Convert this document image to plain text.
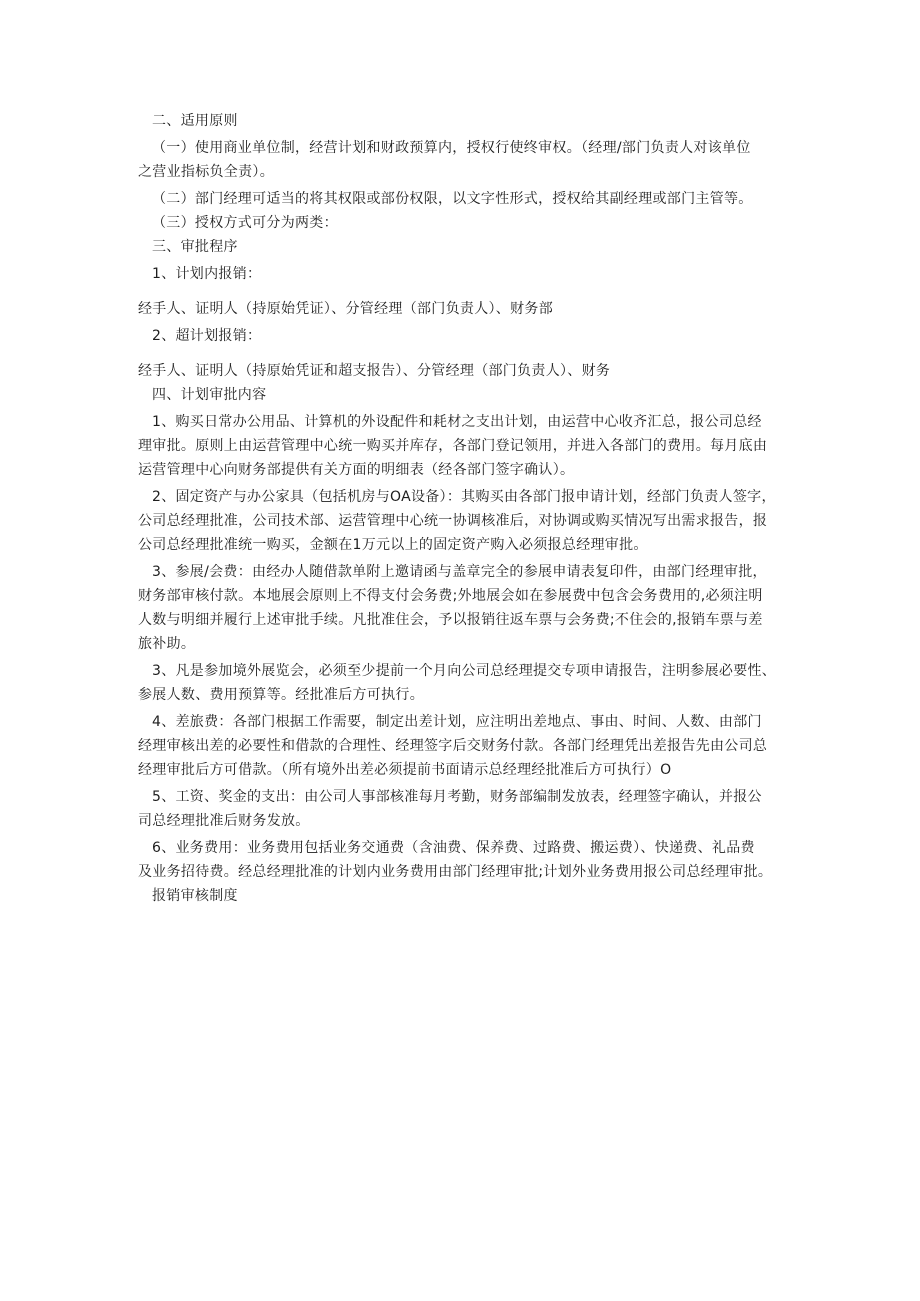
二、适用原则
（一）使用商业单位制，经营计划和财政预算内，授权行使终审权。（经理/部门负责人对该单位
之营业指标负全责）。
（二）部门经理可适当的将其权限或部份权限，以文字性形式，授权给其副经理或部门主管等。
（三）授权方式可分为两类：
三、审批程序
1、计划内报销：
经手人、证明人（持原始凭证）、分管经理（部门负责人）、财务部
2、超计划报销：
经手人、证明人（持原始凭证和超支报告）、分管经理（部门负责人）、财务
四、计划审批内容
1、购买日常办公用品、计算机的外设配件和耗材之支出计划，由运营中心收齐汇总，报公司总经
理审批。原则上由运营管理中心统一购买并库存，各部门登记领用，并进入各部门的费用。每月底由
运营管理中心向财务部提供有关方面的明细表（经各部门签字确认）。
2、固定资产与办公家具（包括机房与OA设备）：其购买由各部门报申请计划，经部门负责人签字，
公司总经理批准，公司技术部、运营管理中心统一协调核准后，对协调或购买情况写出需求报告，报
公司总经理批准统一购买，金额在1万元以上的固定资产购入必须报总经理审批。
3、参展/会费：由经办人随借款单附上邀请函与盖章完全的参展申请表复印件，由部门经理审批，
财务部审核付款。本地展会原则上不得支付会务费;外地展会如在参展费中包含会务费用的,必须注明
人数与明细并履行上述审批手续。凡批准住会，予以报销往返车票与会务费;不住会的,报销车票与差
旅补助。
3、凡是参加境外展览会，必须至少提前一个月向公司总经理提交专项申请报告，注明参展必要性、
参展人数、费用预算等。经批准后方可执行。
4、差旅费：各部门根据工作需要，制定出差计划，应注明出差地点、事由、时间、人数、由部门
经理审核出差的必要性和借款的合理性、经理签字后交财务付款。各部门经理凭出差报告先由公司总
经理审批后方可借款。（所有境外出差必须提前书面请示总经理经批准后方可执行）O
5、工资、奖金的支出：由公司人事部核准每月考勤，财务部编制发放表，经理签字确认，并报公
司总经理批准后财务发放。
6、业务费用：业务费用包括业务交通费（含油费、保养费、过路费、搬运费）、快递费、礼品费
及业务招待费。经总经理批准的计划内业务费用由部门经理审批;计划外业务费用报公司总经理审批。
报销审核制度
